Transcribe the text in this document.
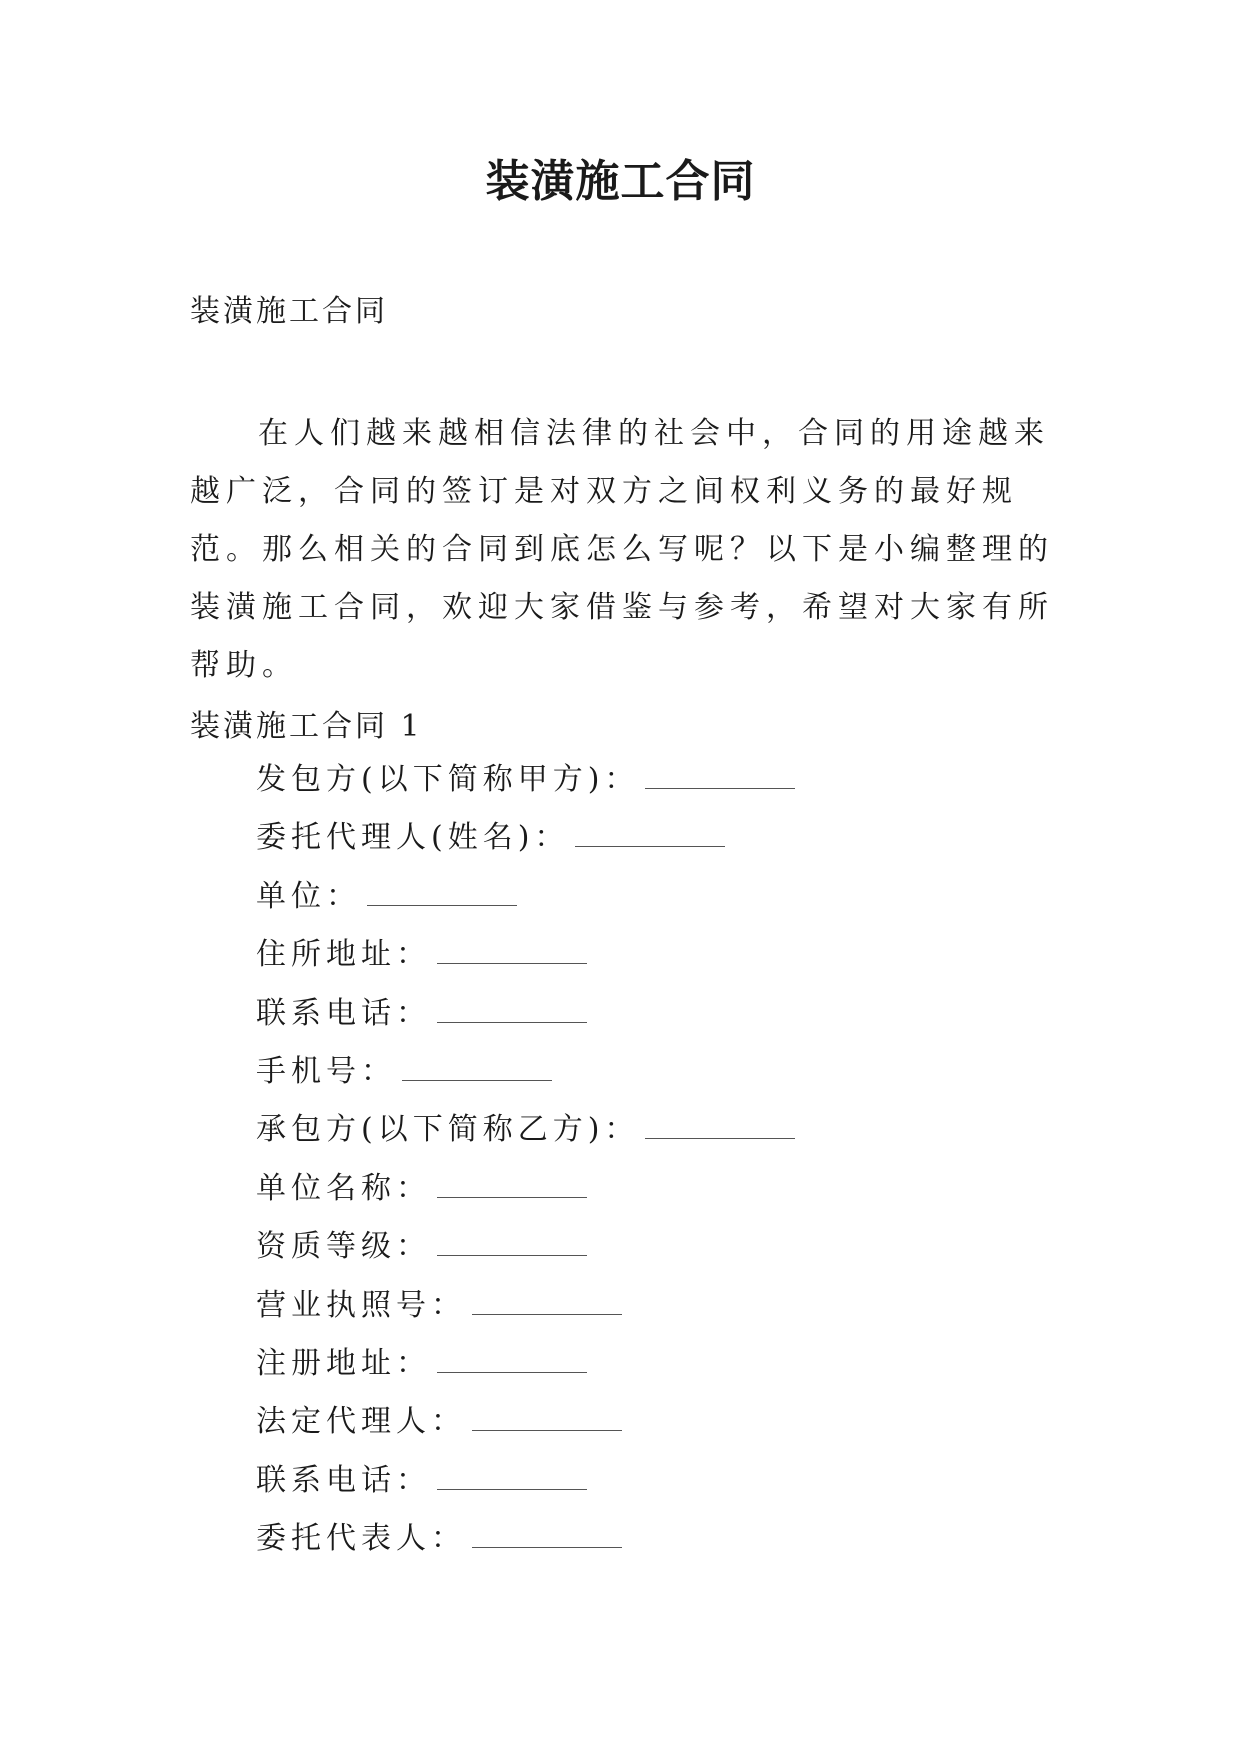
装潢施工合同
装潢施工合同

在人们越来越相信法律的社会中，合同的用途越来越广泛，合同的签订是对双方之间权利义务的最好规范。那么相关的合同到底怎么写呢？以下是小编整理的装潢施工合同，欢迎大家借鉴与参考，希望对大家有所帮助。

装潢施工合同 1
发包方(以下简称甲方)：
委托代理人(姓名)：
单位：
住所地址：
联系电话：
手机号：
承包方(以下简称乙方)：
单位名称：
资质等级：
营业执照号：
注册地址：
法定代理人：
联系电话：
委托代表人：
